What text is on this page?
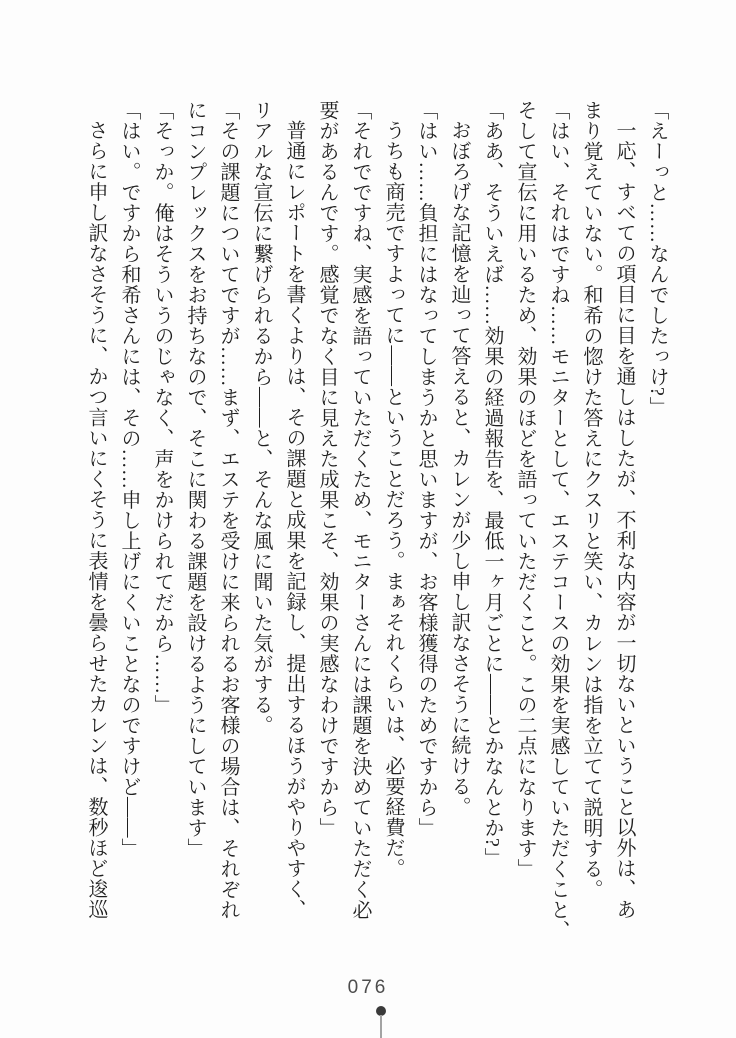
「えーっと……なんでしたっけ?」

一応、すべての項目に目を通しはしたが、不利な内容が一切ないということ以外は、あ

まり覚えていない。和希の惚けた答えにクスリと笑い、カレンは指を立てて説明する。

「はい、それはですね……モニターとして、エステコースの効果を実感していただくこと、

そして宣伝に用いるため、効果のほどを語っていただくこと。この二点になります」

「ああ、そういえば……効果の経過報告を、最低一ヶ月ごとに――とかなんとか?」

おぼろげな記憶を辿って答えると、カレンが少し申し訳なさそうに続ける。

「はい……負担にはなってしまうかと思いますが、お客様獲得のためですから」

うちも商売ですよってに――ということだろう。まぁそれくらいは、必要経費だ。

「それでですね、実感を語っていただくため、モニターさんには課題を決めていただく必

要があるんです。感覚でなく目に見えた成果こそ、効果の実感なわけですから」

普通にレポートを書くよりは、その課題と成果を記録し、提出するほうがやりやすく、

リアルな宣伝に繋げられるから――と、そんな風に聞いた気がする。

「その課題についてですが……まず、エステを受けに来られるお客様の場合は、それぞれ

にコンプレックスをお持ちなので、そこに関わる課題を設けるようにしています」

「そっか。俺はそういうのじゃなく、声をかけられてだから……」

「はい。ですから和希さんには、その……申し上げにくいことなのですけど――」

さらに申し訳なさそうに、かつ言いにくそうに表情を曇らせたカレンは、数秒ほど逡巡

076
